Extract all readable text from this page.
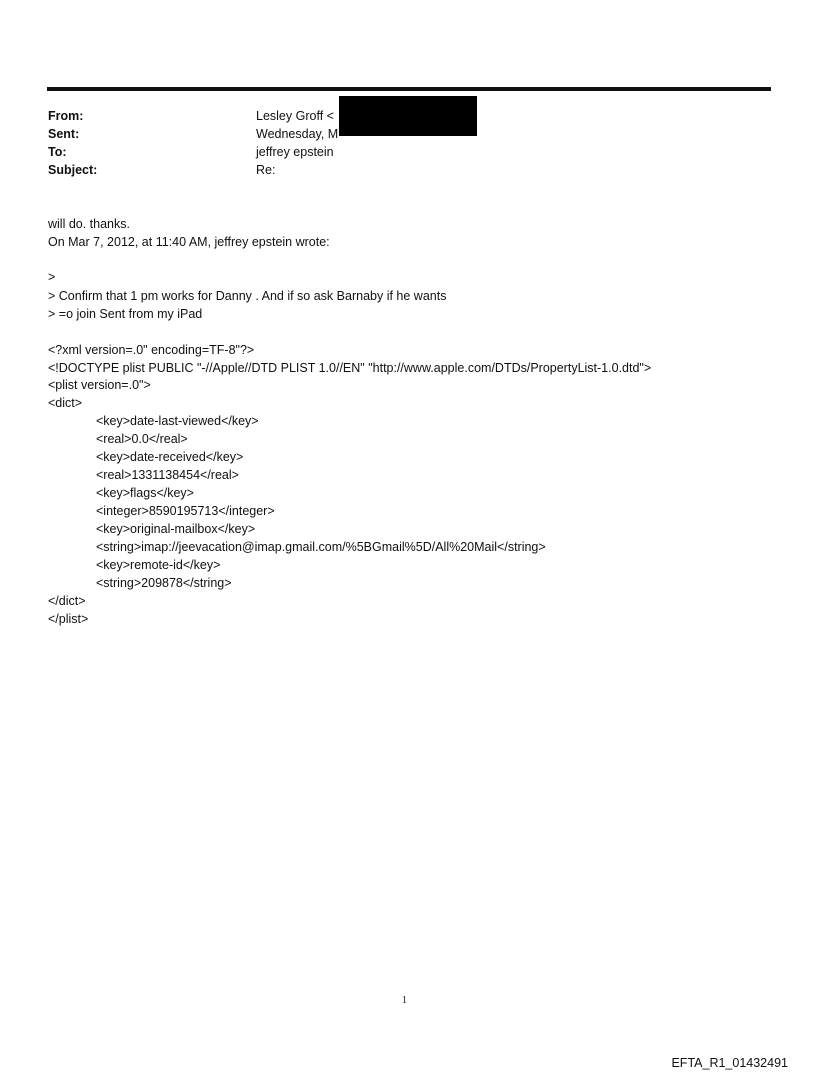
From:	Lesley Groff <
Sent:	Wednesday, M
To:	jeffrey epstein
Subject:	Re:
will do. thanks.
On Mar 7, 2012, at 11:40 AM, jeffrey epstein wrote:
>
> Confirm that 1 pm works for Danny . And if so ask Barnaby if he wants
> =o join Sent from my iPad
<?xml version=.0" encoding=TF-8"?>
<!DOCTYPE plist PUBLIC "-//Apple//DTD PLIST 1.0//EN" "http://www.apple.com/DTDs/PropertyList-1.0.dtd">
<plist version=.0">
<dict>
<key>date-last-viewed</key>
<real>0.0</real>
<key>date-received</key>
<real>1331138454</real>
<key>flags</key>
<integer>8590195713</integer>
<key>original-mailbox</key>
<string>imap://jeevacation@imap.gmail.com/%5BGmail%5D/All%20Mail</string>
<key>remote-id</key>
<string>209878</string>
</dict>
</plist>
1
EFTA_R1_01432491
